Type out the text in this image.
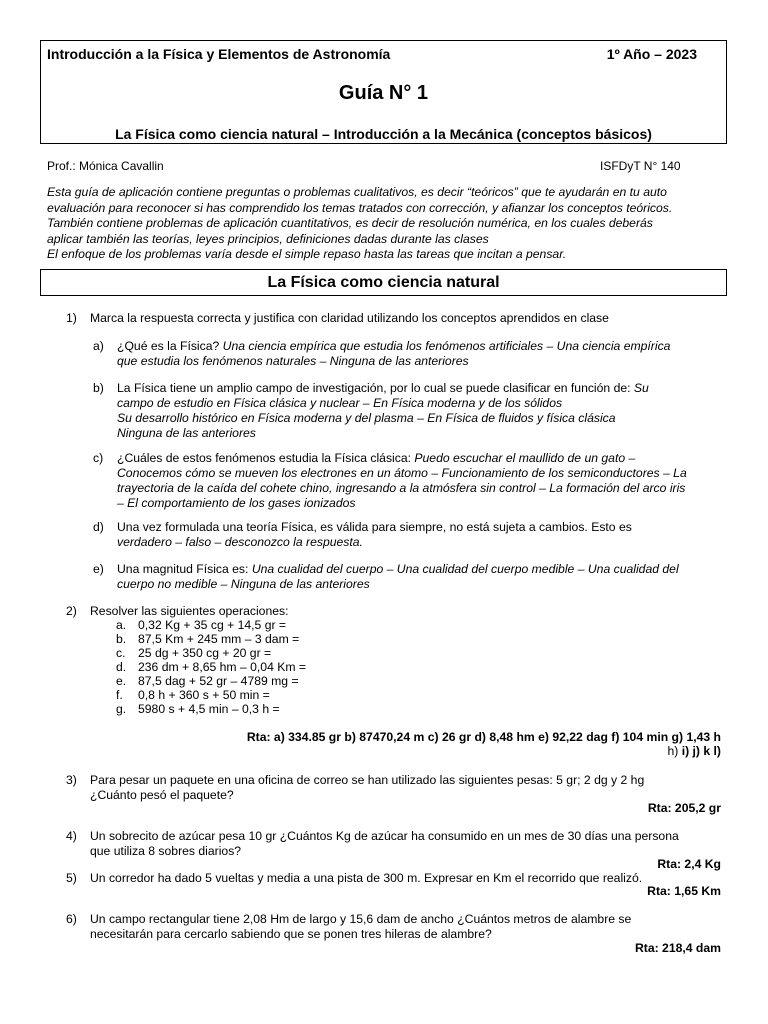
Introducción a la Física y Elementos de Astronomía	1º Año – 2023
Guía N° 1
La Física como ciencia natural – Introducción a la Mecánica (conceptos básicos)
Prof.: Mónica Cavallin	ISFDyT N° 140
Esta guía de aplicación contiene preguntas o problemas cualitativos, es decir “teóricos” que te ayudarán en tu auto
evaluación para reconocer si has comprendido los temas tratados con corrección, y afianzar los conceptos teóricos.
También contiene problemas de aplicación cuantitativos, es decir de resolución numérica, en los cuales deberás
aplicar también las teorías, leyes principios, definiciones dadas durante las clases
El enfoque de los problemas varía desde el simple repaso hasta las tareas que incitan a pensar.
La Física como ciencia natural
1) Marca la respuesta correcta y justifica con claridad utilizando los conceptos aprendidos en clase
a) ¿Qué es la Física? Una ciencia empírica que estudia los fenómenos artificiales – Una ciencia empírica
que estudia los fenómenos naturales – Ninguna de las anteriores
b) La Física tiene un amplio campo de investigación, por lo cual se puede clasificar en función de: Su
campo de estudio en Física clásica y nuclear – En Física moderna y de los sólidos
Su desarrollo histórico en Física moderna y del plasma – En Física de fluidos y física clásica
Ninguna de las anteriores
c) ¿Cuáles de estos fenómenos estudia la Física clásica: Puedo escuchar el maullido de un gato –
Conocemos cómo se mueven los electrones en un átomo – Funcionamiento de los semiconductores – La
trayectoria de la caída del cohete chino, ingresando a la atmósfera sin control – La formación del arco iris
– El comportamiento de los gases ionizados
d) Una vez formulada una teoría Física, es válida para siempre, no está sujeta a cambios. Esto es
verdadero – falso – desconozco la respuesta.
e) Una magnitud Física es: Una cualidad del cuerpo – Una cualidad del cuerpo medible – Una cualidad del
cuerpo no medible – Ninguna de las anteriores
2) Resolver las siguientes operaciones:
a. 0,32 Kg + 35 cg + 14,5 gr =
b. 87,5 Km + 245 mm – 3 dam =
c. 25 dg + 350 cg + 20 gr =
d. 236 dm + 8,65 hm – 0,04 Km =
e. 87,5 dag + 52 gr – 4789 mg =
f. 0,8 h + 360 s + 50 min =
g. 5980 s + 4,5 min – 0,3 h =
Rta: a) 334.85 gr b) 87470,24 m c) 26 gr d) 8,48 hm e) 92,22 dag f) 104 min g) 1,43 h
h) i) j) k l)
3) Para pesar un paquete en una oficina de correo se han utilizado las siguientes pesas: 5 gr; 2 dg y 2 hg
¿Cuánto pesó el paquete?
Rta: 205,2 gr
4) Un sobrecito de azúcar pesa 10 gr ¿Cuántos Kg de azúcar ha consumido en un mes de 30 días una persona
que utiliza 8 sobres diarios?
Rta: 2,4 Kg
5) Un corredor ha dado 5 vueltas y media a una pista de 300 m. Expresar en Km el recorrido que realizó.
Rta: 1,65 Km
6) Un campo rectangular tiene 2,08 Hm de largo y 15,6 dam de ancho ¿Cuántos metros de alambre se
necesitarán para cercarlo sabiendo que se ponen tres hileras de alambre?
Rta: 218,4 dam
